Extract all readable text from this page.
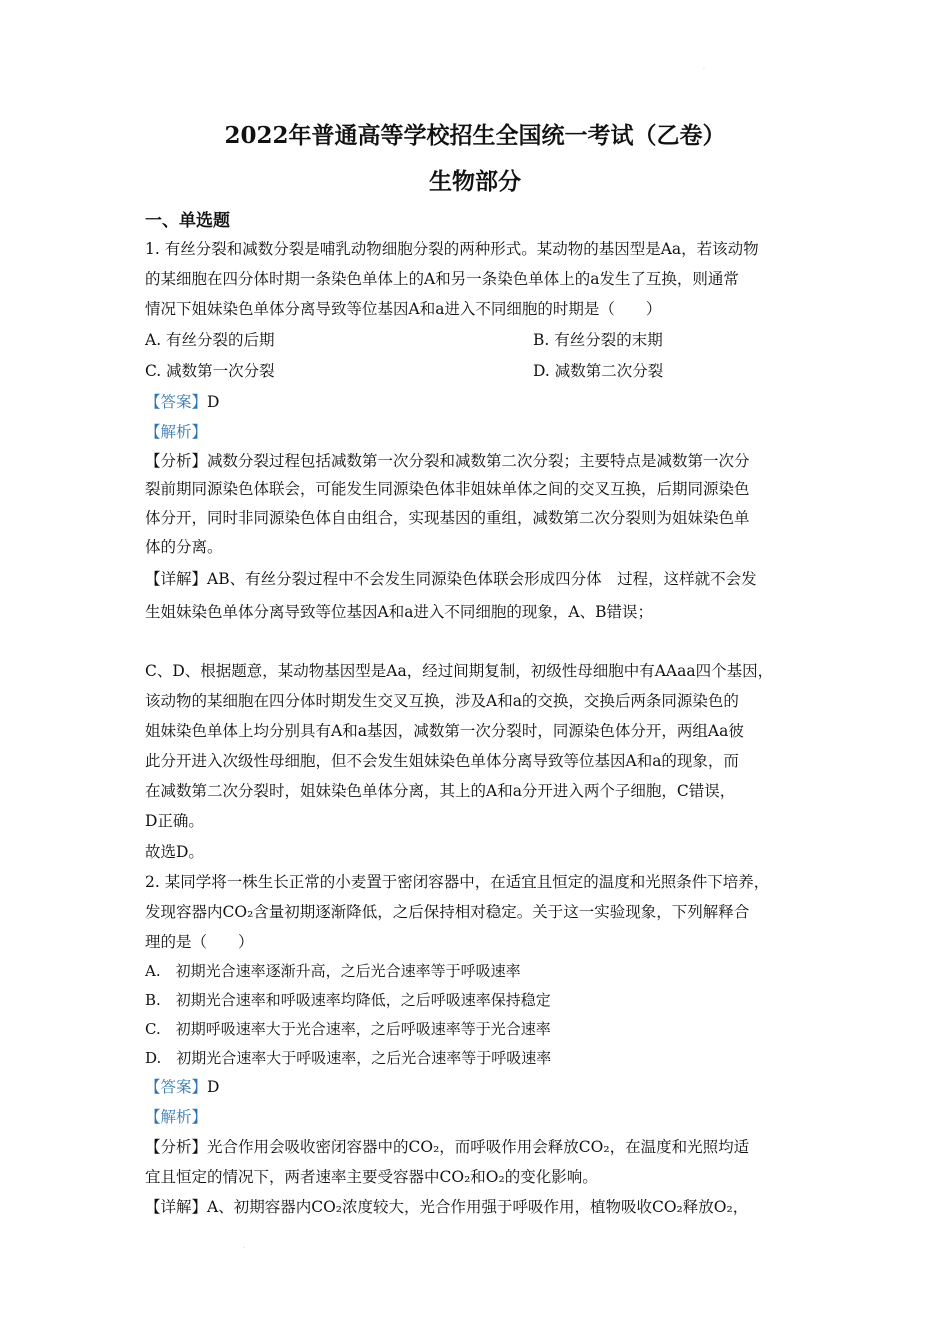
2022年普通高等学校招生全国统一考试（乙卷）
生物部分
一、单选题
1. 有丝分裂和减数分裂是哺乳动物细胞分裂的两种形式。某动物的基因型是Aa，若该动物
的某细胞在四分体时期一条染色单体上的A和另一条染色单体上的a发生了互换，则通常
情况下姐妹染色单体分离导致等位基因A和a进入不同细胞的时期是（　　）
A. 有丝分裂的后期	B. 有丝分裂的末期
C. 减数第一次分裂	D. 减数第二次分裂
【答案】D
【解析】
【分析】减数分裂过程包括减数第一次分裂和减数第二次分裂；主要特点是减数第一次分
裂前期同源染色体联会，可能发生同源染色体非姐妹单体之间的交叉互换，后期同源染色
体分开，同时非同源染色体自由组合，实现基因的重组，减数第二次分裂则为姐妹染色单
体的分离。
【详解】AB、有丝分裂过程中不会发生同源染色体联会形成四分体　过程，这样就不会发
生姐妹染色单体分离导致等位基因A和a进入不同细胞的现象，A、B错误；
C、D、根据题意，某动物基因型是Aa，经过间期复制，初级性母细胞中有AAaa四个基因，
该动物的某细胞在四分体时期发生交叉互换，涉及A和a的交换，交换后两条同源染色的
姐妹染色单体上均分别具有A和a基因，减数第一次分裂时，同源染色体分开，两组Aa彼
此分开进入次级性母细胞，但不会发生姐妹染色单体分离导致等位基因A和a的现象，而
在减数第二次分裂时，姐妹染色单体分离，其上的A和a分开进入两个子细胞，C错误，
D正确。
故选D。
2. 某同学将一株生长正常的小麦置于密闭容器中，在适宜且恒定的温度和光照条件下培养，
发现容器内CO₂含量初期逐渐降低，之后保持相对稳定。关于这一实验现象，下列解释合
理的是（　　）
A.　初期光合速率逐渐升高，之后光合速率等于呼吸速率
B.　初期光合速率和呼吸速率均降低，之后呼吸速率保持稳定
C.　初期呼吸速率大于光合速率，之后呼吸速率等于光合速率
D.　初期光合速率大于呼吸速率，之后光合速率等于呼吸速率
【答案】D
【解析】
【分析】光合作用会吸收密闭容器中的CO₂，而呼吸作用会释放CO₂，在温度和光照均适
宜且恒定的情况下，两者速率主要受容器中CO₂和O₂的变化影响。
【详解】A、初期容器内CO₂浓度较大，光合作用强于呼吸作用，植物吸收CO₂释放O₂，
·
·
